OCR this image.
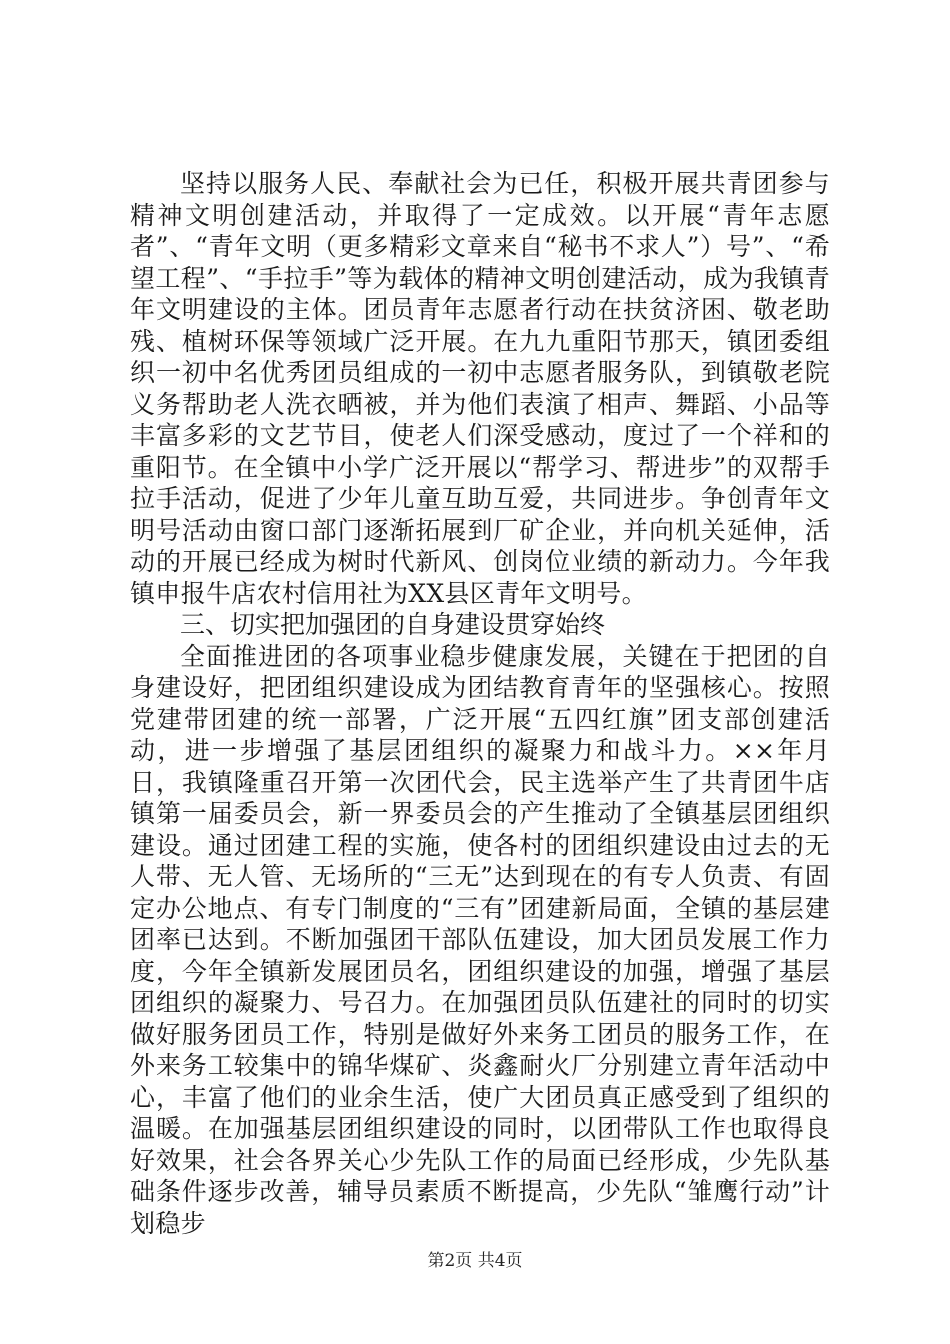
坚持以服务人民、奉献社会为已任，积极开展共青团参与精神文明创建活动，并取得了一定成效。以开展“青年志愿者”、“青年文明（更多精彩文章来自“秘书不求人”）号”、“希望工程”、“手拉手”等为载体的精神文明创建活动，成为我镇青年文明建设的主体。团员青年志愿者行动在扶贫济困、敬老助残、植树环保等领域广泛开展。在九九重阳节那天，镇团委组织一初中名优秀团员组成的一初中志愿者服务队，到镇敬老院义务帮助老人洗衣晒被，并为他们表演了相声、舞蹈、小品等丰富多彩的文艺节目，使老人们深受感动，度过了一个祥和的重阳节。在全镇中小学广泛开展以“帮学习、帮进步”的双帮手拉手活动，促进了少年儿童互助互爱，共同进步。争创青年文明号活动由窗口部门逐渐拓展到厂矿企业，并向机关延伸，活动的开展已经成为树时代新风、创岗位业绩的新动力。今年我镇申报牛店农村信用社为XX县区青年文明号。

三、切实把加强团的自身建设贯穿始终

全面推进团的各项事业稳步健康发展，关键在于把团的自身建设好，把团组织建设成为团结教育青年的坚强核心。按照党建带团建的统一部署，广泛开展“五四红旗”团支部创建活动，进一步增强了基层团组织的凝聚力和战斗力。××年月日，我镇隆重召开第一次团代会，民主选举产生了共青团牛店镇第一届委员会，新一界委员会的产生推动了全镇基层团组织建设。通过团建工程的实施，使各村的团组织建设由过去的无人带、无人管、无场所的“三无”达到现在的有专人负责、有固定办公地点、有专门制度的“三有”团建新局面，全镇的基层建团率已达到。不断加强团干部队伍建设，加大团员发展工作力度，今年全镇新发展团员名，团组织建设的加强，增强了基层团组织的凝聚力、号召力。在加强团员队伍建社的同时的切实做好服务团员工作，特别是做好外来务工团员的服务工作，在外来务工较集中的锦华煤矿、炎鑫耐火厂分别建立青年活动中心，丰富了他们的业余生活，使广大团员真正感受到了组织的温暖。在加强基层团组织建设的同时，以团带队工作也取得良好效果，社会各界关心少先队工作的局面已经形成，少先队基础条件逐步改善，辅导员素质不断提高，少先队“雏鹰行动”计划稳步

第2页 共4页
